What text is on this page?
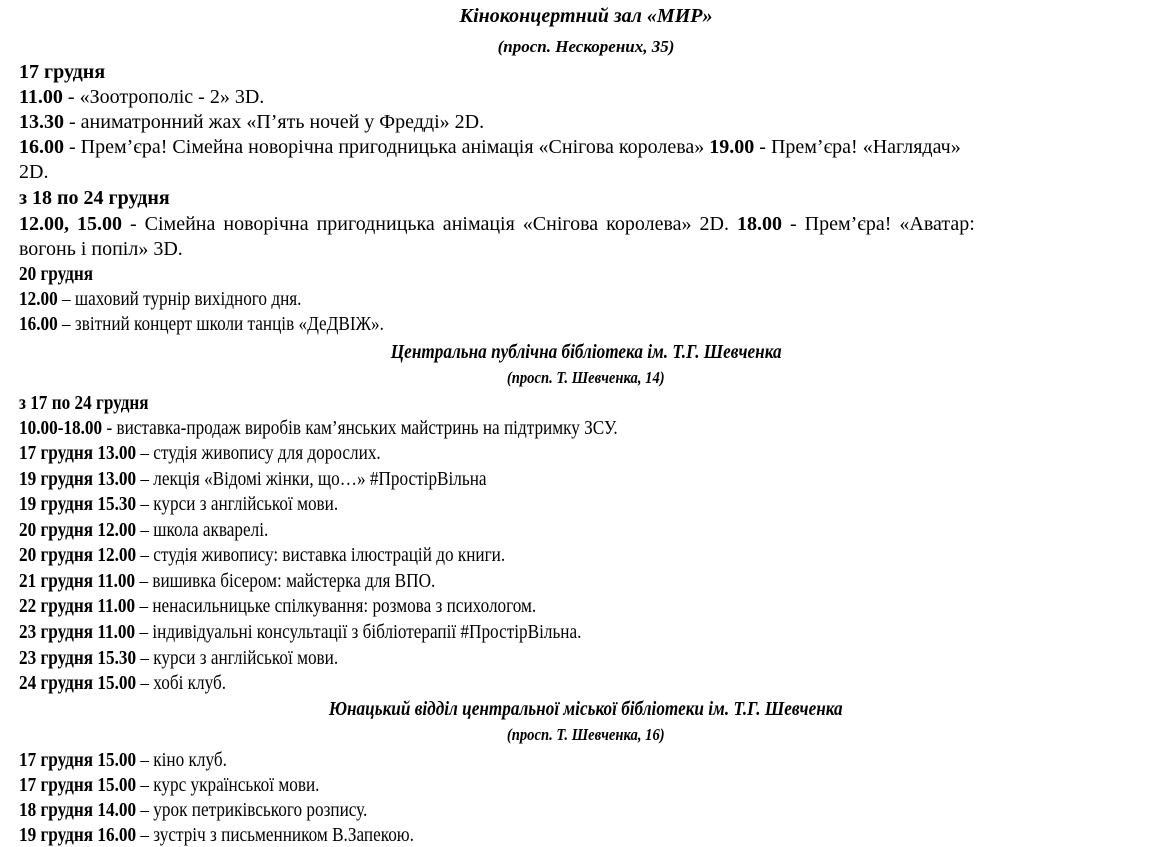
Кіноконцертний зал «МИР»
(просп. Нескорених, 35)
17 грудня
11.00 - «Зоотрополіс - 2» 3D.
13.30 - аниматронний жах «П’ять ночей у Фредді» 2D.
16.00 - Прем’єра! Сімейна новорічна пригодницька анімація «Снігова королева» 19.00 - Прем’єра! «Наглядач»
2D.
з 18 по 24 грудня
12.00, 15.00 - Сімейна новорічна пригодницька анімація «Снігова королева» 2D. 18.00 - Прем’єра! «Аватар:
вогонь і попіл» 3D.
20 грудня
12.00 – шаховий турнір вихідного дня.
16.00 – звітний концерт школи танців «ДеДВІЖ».
Центральна публічна бібліотека ім. Т.Г. Шевченка
(просп. Т. Шевченка, 14)
з 17 по 24 грудня
10.00-18.00 - виставка-продаж виробів кам’янських майстринь на підтримку ЗСУ.
17 грудня 13.00 – студія живопису для дорослих.
19 грудня 13.00 – лекція «Відомі жінки, що…» #ПростірВільна
19 грудня 15.30 – курси з англійської мови.
20 грудня 12.00 – школа акварелі.
20 грудня 12.00 – студія живопису: виставка ілюстрацій до книги.
21 грудня 11.00 – вишивка бісером: майстерка для ВПО.
22 грудня 11.00 – ненасильницьке спілкування: розмова з психологом.
23 грудня 11.00 – індивідуальні консультації з бібліотерапії #ПростірВільна.
23 грудня 15.30 – курси з англійської мови.
24 грудня 15.00 – хобі клуб.
Юнацький відділ центральної міської бібліотеки ім. Т.Г. Шевченка
(просп. Т. Шевченка, 16)
17 грудня 15.00 – кіно клуб.
17 грудня 15.00 – курс української мови.
18 грудня 14.00 – урок петриківського розпису.
19 грудня 16.00 – зустріч з письменником В.Запекою.
